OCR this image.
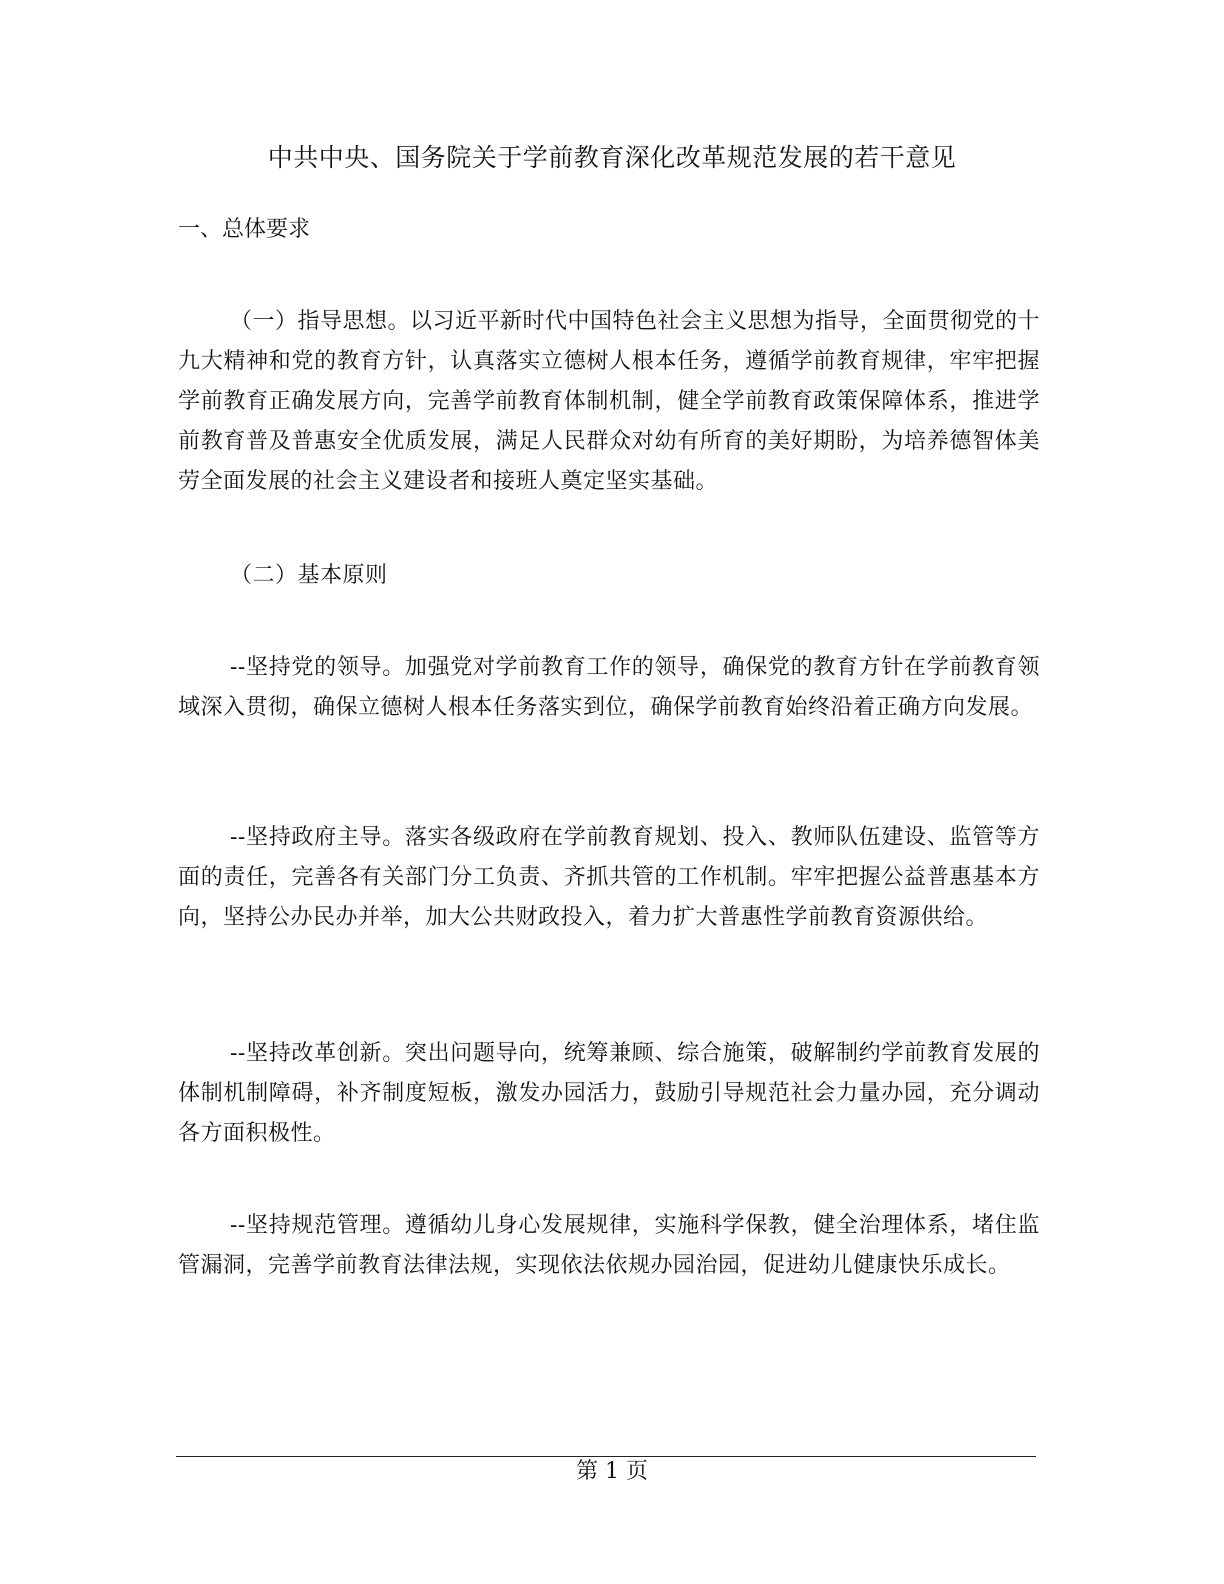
中共中央、国务院关于学前教育深化改革规范发展的若干意见
一、总体要求

（一）指导思想。以习近平新时代中国特色社会主义思想为指导，全面贯彻党的十九大精神和党的教育方针，认真落实立德树人根本任务，遵循学前教育规律，牢牢把握学前教育正确发展方向，完善学前教育体制机制，健全学前教育政策保障体系，推进学前教育普及普惠安全优质发展，满足人民群众对幼有所育的美好期盼，为培养德智体美劳全面发展的社会主义建设者和接班人奠定坚实基础。

（二）基本原则

--坚持党的领导。加强党对学前教育工作的领导，确保党的教育方针在学前教育领域深入贯彻，确保立德树人根本任务落实到位，确保学前教育始终沿着正确方向发展。

--坚持政府主导。落实各级政府在学前教育规划、投入、教师队伍建设、监管等方面的责任，完善各有关部门分工负责、齐抓共管的工作机制。牢牢把握公益普惠基本方向，坚持公办民办并举，加大公共财政投入，着力扩大普惠性学前教育资源供给。

--坚持改革创新。突出问题导向，统筹兼顾、综合施策，破解制约学前教育发展的体制机制障碍，补齐制度短板，激发办园活力，鼓励引导规范社会力量办园，充分调动各方面积极性。

--坚持规范管理。遵循幼儿身心发展规律，实施科学保教，健全治理体系，堵住监管漏洞，完善学前教育法律法规，实现依法依规办园治园，促进幼儿健康快乐成长。

第 1 页
